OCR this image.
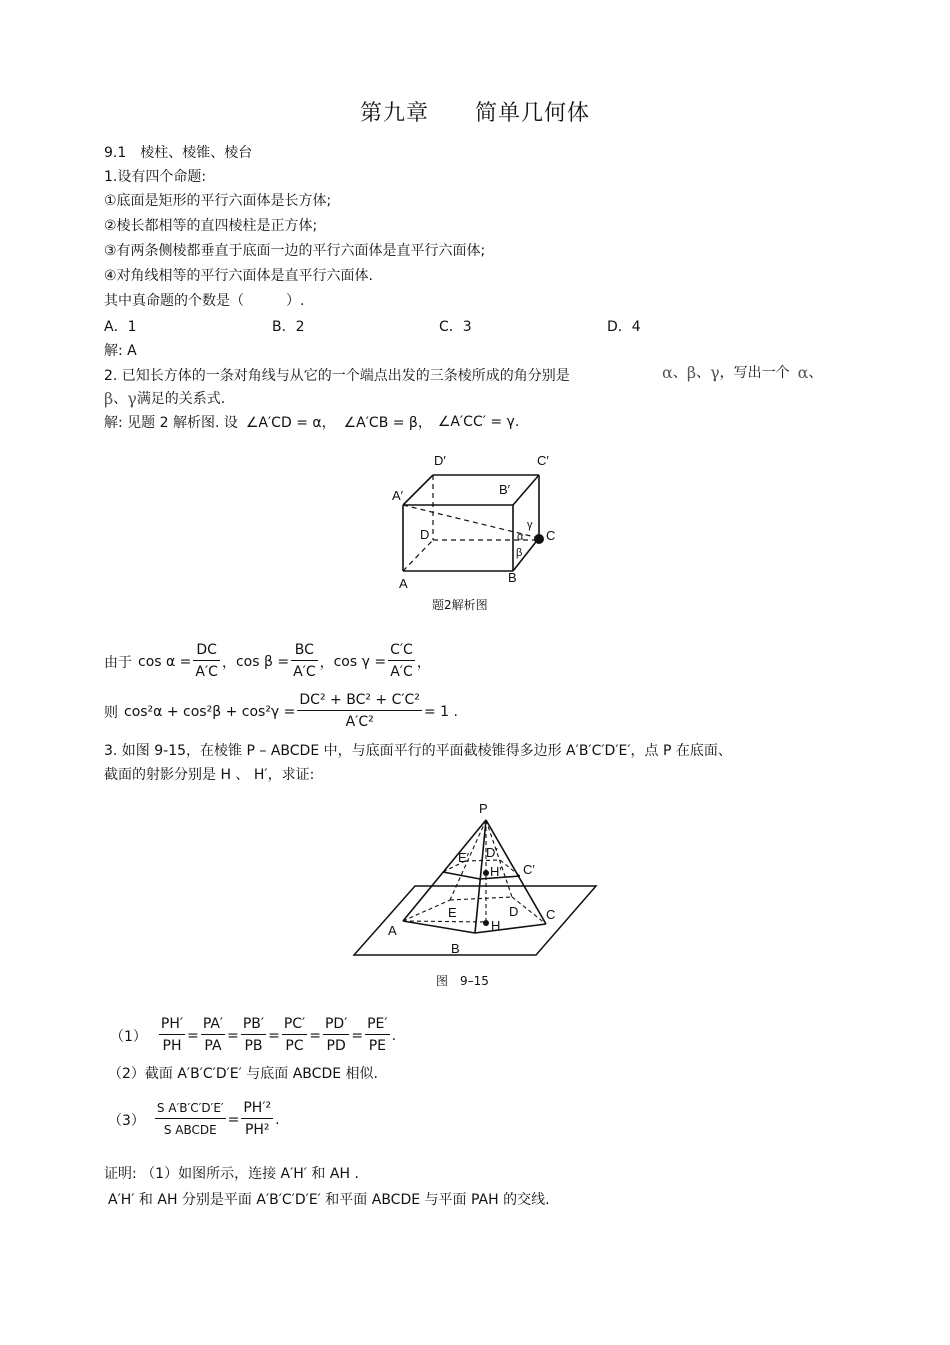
第九章　　简单几何体
9.1　棱柱、棱锥、棱台
1.设有四个命题:
①底面是矩形的平行六面体是长方体;
②棱长都相等的直四棱柱是正方体;
③有两条侧棱都垂直于底面一边的平行六面体是直平行六面体;
④对角线相等的平行六面体是直平行六面体.
其中真命题的个数是（　　　）.
A．1	B．2	C．3	D．4
解: A
2. 已知长方体的一条对角线与从它的一个端点出发的三条棱所成的角分别是	α 、 β 、 γ ，写出一个 α 、
β 、 γ 满足的关系式.
解: 见题 2 解析图. 设 ∠A′CD = α， ∠A′CB = β， ∠A′CC′ = γ.
D′	C′
A′	B′
D	C
A	B
α
β
γ
题2解析图
由于 $\cos \alpha = \frac{DC}{A'C}$ ， $\cos \beta = \frac{BC}{A'C}$ ， $\cos \gamma = \frac{C'C}{A'C}$ ，
则 $\cos^2\alpha + \cos^2\beta + \cos^2\gamma = \frac{\text{DC² + BC² + C′C²}}{\text{A′C²}} = 1$ .
3. 如图 9-15，在棱锥 P – ABCDE 中，与底面平行的平面截棱锥得多边形 A′B′C′D′E′，点 P 在底面、
截面的射影分别是 H 、 H′，求证:
P
D′
E′
H′ C′
E	D C
A	H
B
图　9–15
$(1) \frac{PH'}{PH} = \frac{PA'}{PA} = \frac{PB'}{PB} = \frac{PC'}{PC} = \frac{PD'}{PD} = \frac{PE'}{PE}$ .
（2）截面 A′B′C′D′E′ 与底面 ABCDE 相似.
$(3) \frac{\text{S A′B′C′D′E′}}{\text{S ABCDE}} = \frac{\text{PH′²}}{\text{PH²}}$ .
证明: （1）如图所示，连接 A′H′ 和 AH .
A′H′ 和 AH 分别是平面 A′B′C′D′E′ 和平面 ABCDE 与平面 PAH 的交线.
